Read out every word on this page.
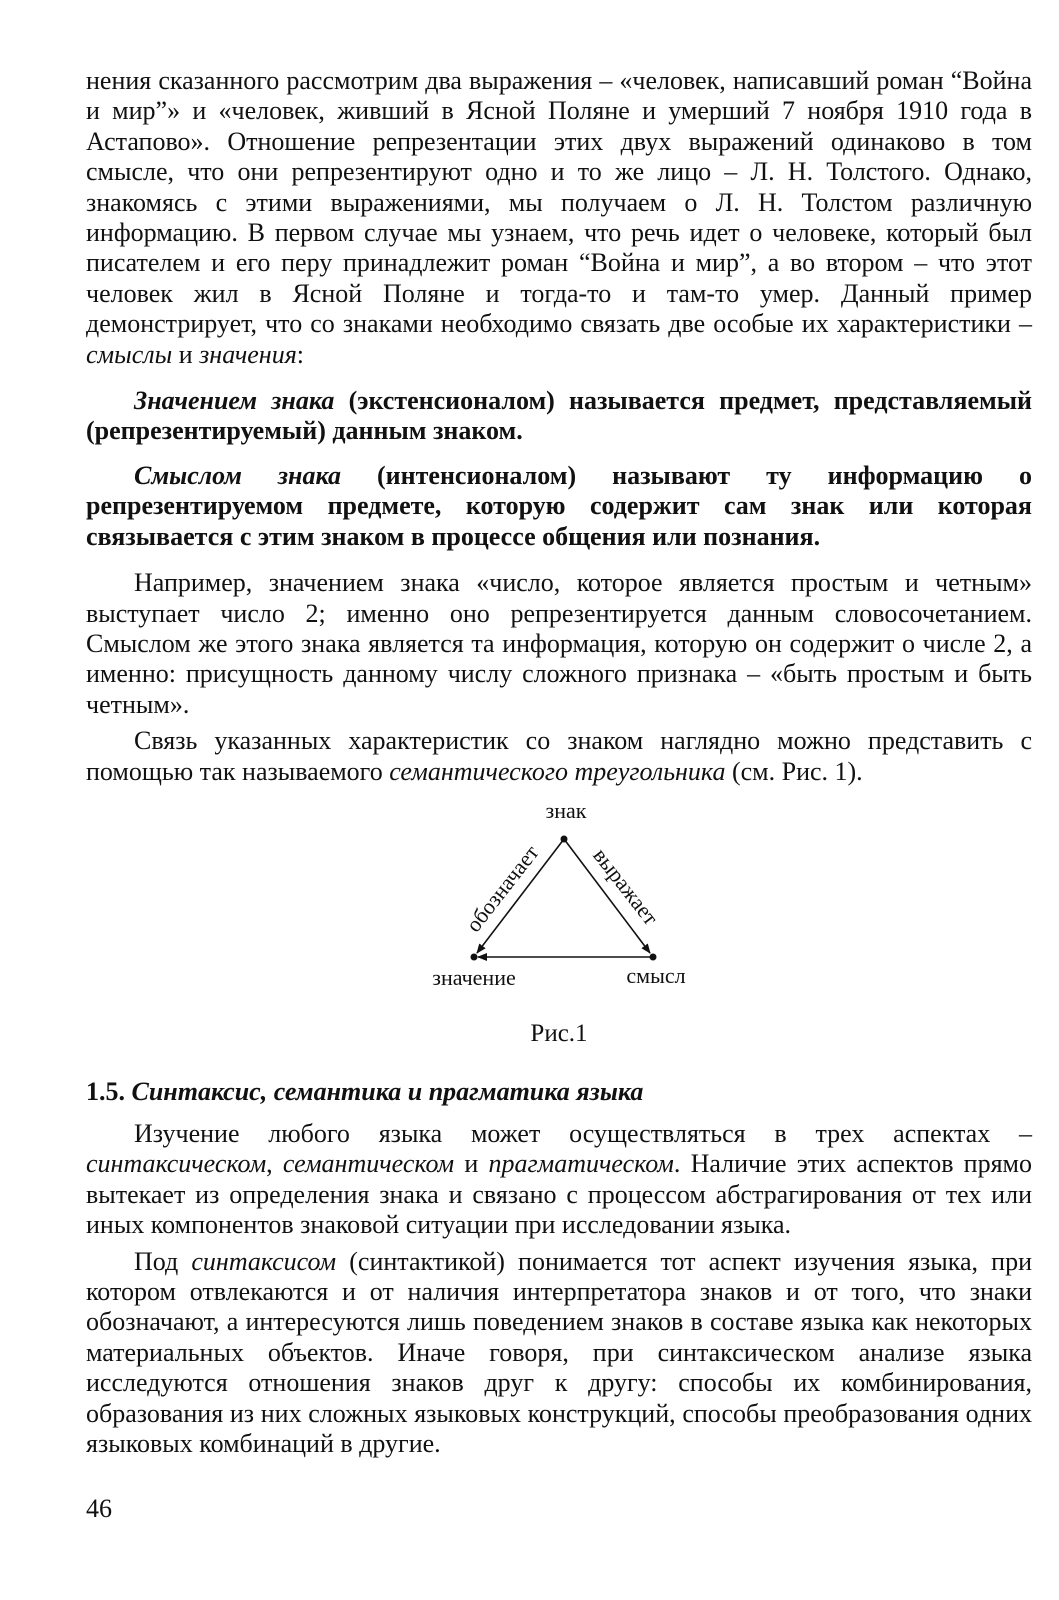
нения сказанного рассмотрим два выражения – «человек, написавший роман “Война и мир”» и «человек, живший в Ясной Поляне и умерший 7 ноября 1910 года в Астапово». Отношение репрезентации этих двух выражений одинаково в том смысле, что они репрезентируют одно и то же лицо – Л. Н. Толстого. Однако, знакомясь с этими выражениями, мы получаем о Л. Н. Толстом различную информацию. В первом случае мы узнаем, что речь идет о человеке, который был писателем и его перу принадлежит роман “Война и мир”, а во втором – что этот человек жил в Ясной Поляне и тогда-то и там-то умер. Данный пример демонстрирует, что со знаками необходимо связать две особые их характеристики – смыслы и значения:

Значением знака (экстенсионалом) называется предмет, представляемый (репрезентируемый) данным знаком.

Смыслом знака (интенсионалом) называют ту информацию о репрезентируемом предмете, которую содержит сам знак или которая связывается с этим знаком в процессе общения или познания.

Например, значением знака «число, которое является простым и четным» выступает число 2; именно оно репрезентируется данным словосочетанием. Смыслом же этого знака является та информация, которую он содержит о числе 2, а именно: присущность данному числу сложного признака – «быть простым и быть четным».

Связь указанных характеристик со знаком наглядно можно представить с помощью так называемого семантического треугольника (см. Рис. 1).

знак
обозначает выражает
значение	смысл
Рис.1
1.5. Синтаксис, семантика и прагматика языка

Изучение любого языка может осуществляться в трех аспектах – синтаксическом, семантическом и прагматическом. Наличие этих аспектов прямо вытекает из определения знака и связано с процессом абстрагирования от тех или иных компонентов знаковой ситуации при исследовании языка.

Под синтаксисом (синтактикой) понимается тот аспект изучения языка, при котором отвлекаются и от наличия интерпретатора знаков и от того, что знаки обозначают, а интересуются лишь поведением знаков в составе языка как некоторых материальных объектов. Иначе говоря, при синтаксическом анализе языка исследуются отношения знаков друг к другу: способы их комбинирования, образования из них сложных языковых конструкций, способы преобразования одних языковых комбинаций в другие.

46
